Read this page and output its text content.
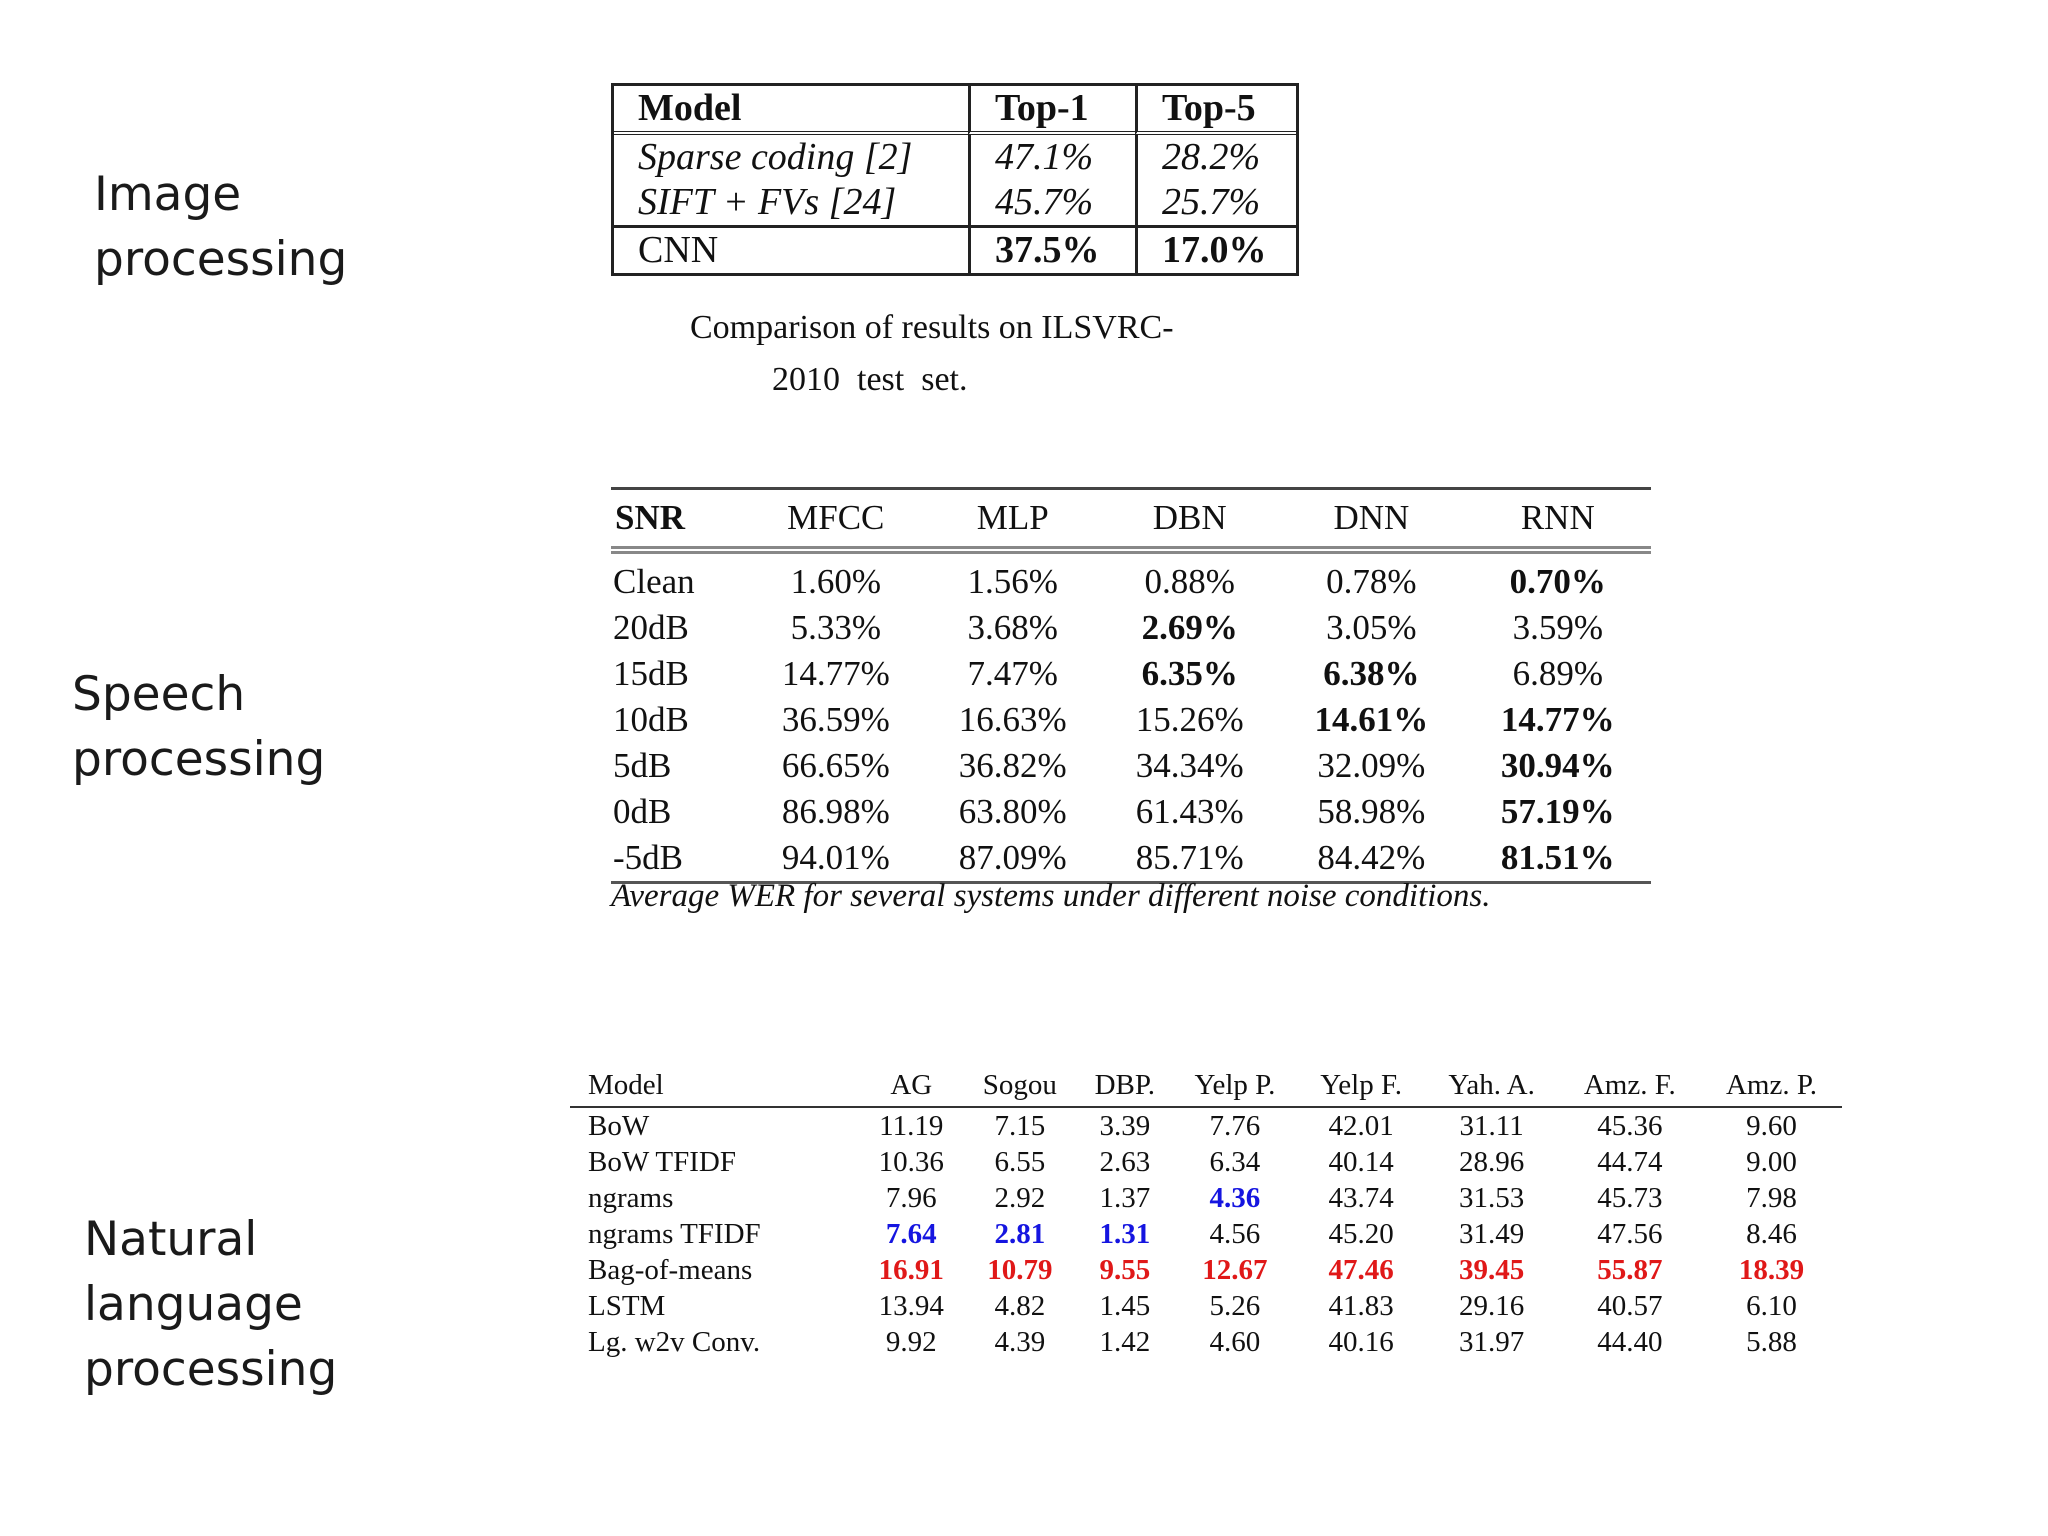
Image processing
Speech processing
Natural language processing
Model	Top-1	Top-5
Sparse coding [2]	47.1%	28.2%
SIFT + FVs [24]	45.7%	25.7%
CNN	37.5%	17.0%

Comparison of results on ILSVRC-
2010  test  set.

SNR	MFCC	MLP	DBN	DNN	RNN
Clean	1.60%	1.56%	0.88%	0.78%	0.70%
20dB	5.33%	3.68%	2.69%	3.05%	3.59%
15dB	14.77%	7.47%	6.35%	6.38%	6.89%
10dB	36.59%	16.63%	15.26%	14.61%	14.77%
5dB	66.65%	36.82%	34.34%	32.09%	30.94%
0dB	86.98%	63.80%	61.43%	58.98%	57.19%
-5dB	94.01%	87.09%	85.71%	84.42%	81.51%

Average WER for several systems under different noise conditions.

Model	AG	Sogou	DBP.	Yelp P.	Yelp F.	Yah. A.	Amz. F.	Amz. P.
BoW	11.19	7.15	3.39	7.76	42.01	31.11	45.36	9.60
BoW TFIDF	10.36	6.55	2.63	6.34	40.14	28.96	44.74	9.00
ngrams	7.96	2.92	1.37	4.36	43.74	31.53	45.73	7.98
ngrams TFIDF	7.64	2.81	1.31	4.56	45.20	31.49	47.56	8.46
Bag-of-means	16.91	10.79	9.55	12.67	47.46	39.45	55.87	18.39
LSTM	13.94	4.82	1.45	5.26	41.83	29.16	40.57	6.10
Lg. w2v Conv.	9.92	4.39	1.42	4.60	40.16	31.97	44.40	5.88
